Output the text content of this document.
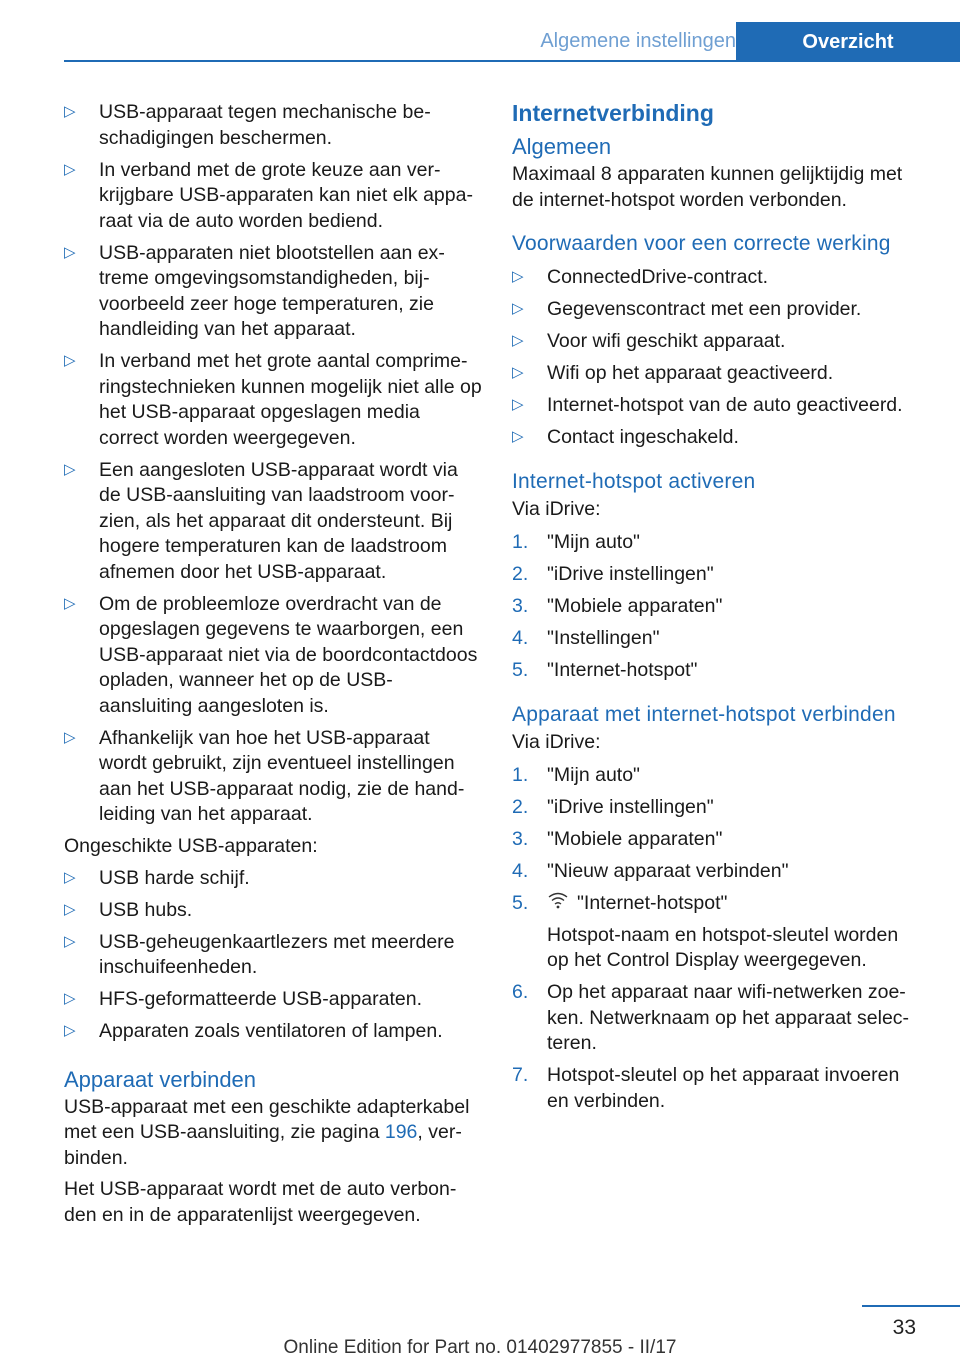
Algemene instellingen	Overzicht
▷ USB-apparaat tegen mechanische beschadigingen beschermen.
▷ In verband met de grote keuze aan verkrijgbare USB-apparaten kan niet elk apparaat via de auto worden bediend.
▷ USB-apparaten niet blootstellen aan extreme omgevingsomstandigheden, bijvoorbeeld zeer hoge temperaturen, zie handleiding van het apparaat.
▷ In verband met het grote aantal comprimeringstechnieken kunnen mogelijk niet alle op het USB-apparaat opgeslagen media correct worden weergegeven.
▷ Een aangesloten USB-apparaat wordt via de USB-aansluiting van laadstroom voorzien, als het apparaat dit ondersteunt. Bij hogere temperaturen kan de laadstroom afnemen door het USB-apparaat.
▷ Om de probleemloze overdracht van de opgeslagen gegevens te waarborgen, een USB-apparaat niet via de boordcontactdoos opladen, wanneer het op de USB-aansluiting aangesloten is.
▷ Afhankelijk van hoe het USB-apparaat wordt gebruikt, zijn eventueel instellingen aan het USB-apparaat nodig, zie de handleiding van het apparaat.

Ongeschikte USB-apparaten:

▷ USB harde schijf.
▷ USB hubs.
▷ USB-geheugenkaartlezers met meerdere inschuifeenheden.
▷ HFS-geformatteerde USB-apparaten.
▷ Apparaten zoals ventilatoren of lampen.
Apparaat verbinden

USB-apparaat met een geschikte adapterkabel met een USB-aansluiting, zie pagina 196, verbinden.

Het USB-apparaat wordt met de auto verbonden en in de apparatenlijst weergegeven.

Internetverbinding
Algemeen

Maximaal 8 apparaten kunnen gelijktijdig met de internet-hotspot worden verbonden.

Voorwaarden voor een correcte werking
▷ ConnectedDrive-contract.
▷ Gegevenscontract met een provider.
▷ Voor wifi geschikt apparaat.
▷ Wifi op het apparaat geactiveerd.
▷ Internet-hotspot van de auto geactiveerd.
▷ Contact ingeschakeld.
Internet-hotspot activeren

Via iDrive:

1. "Mijn auto"
2. "iDrive instellingen"
3. "Mobiele apparaten"
4. "Instellingen"
5. "Internet-hotspot"
Apparaat met internet-hotspot verbinden

Via iDrive:

1. "Mijn auto"
2. "iDrive instellingen"
3. "Mobiele apparaten"
4. "Nieuw apparaat verbinden"
5. "Internet-hotspot"
Hotspot-naam en hotspot-sleutel worden op het Control Display weergegeven.
6. Op het apparaat naar wifi-netwerken zoeken. Netwerknaam op het apparaat selecteren.
7. Hotspot-sleutel op het apparaat invoeren en verbinden.
33
Online Edition for Part no. 01402977855 - II/17
